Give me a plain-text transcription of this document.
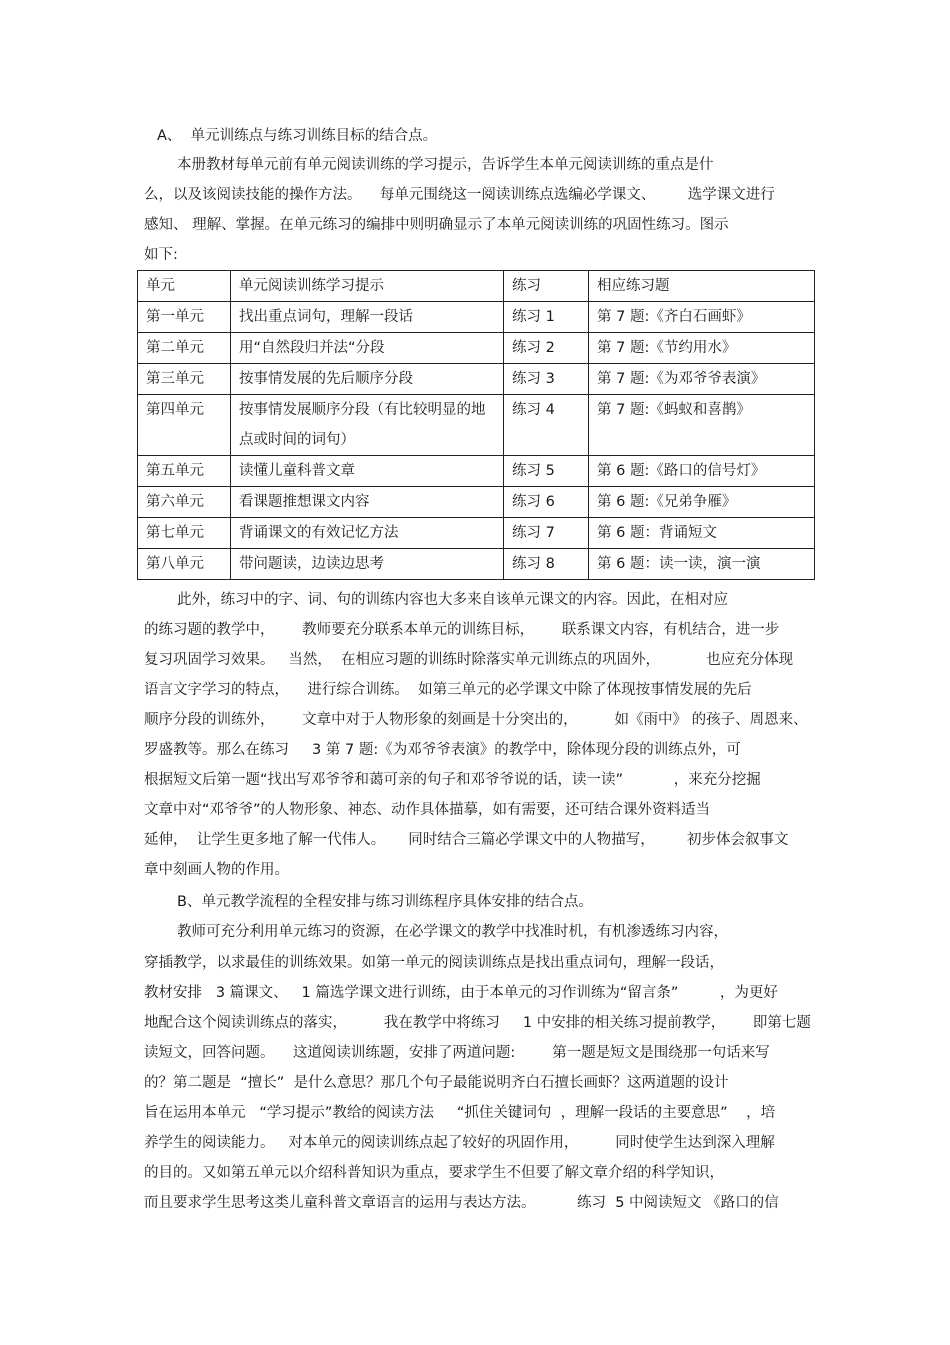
A、  单元训练点与练习训练目标的结合点。
本册教材每单元前有单元阅读训练的学习提示，告诉学生本单元阅读训练的重点是什
么，以及该阅读技能的操作方法。    每单元围绕这一阅读训练点选编必学课文、       选学课文进行
感知、 理解、掌握。在单元练习的编排中则明确显示了本单元阅读训练的巩固性练习。图示
如下:
单元	单元阅读训练学习提示	练习	相应练习题
第一单元	找出重点词句，理解一段话	练习 1	第 7 题:《齐白石画虾》
第二单元	用“自然段归并法“分段	练习 2	第 7 题:《节约用水》
第三单元	按事情发展的先后顺序分段	练习 3	第 7 题:《为邓爷爷表演》
第四单元	按事情发展顺序分段（有比较明显的地点或时间的词句）	练习 4	第 7 题:《蚂蚁和喜鹊》
第五单元	读懂儿童科普文章	练习 5	第 6 题:《路口的信号灯》
第六单元	看课题推想课文内容	练习 6	第 6 题:《兄弟争雁》
第七单元	背诵课文的有效记忆方法	练习 7	第 6 题：背诵短文
第八单元	带问题读，边读边思考	练习 8	第 6 题：读一读，演一演
此外，练习中的字、词、句的训练内容也大多来自该单元课文的内容。因此，在相对应
的练习题的教学中，      教师要充分联系本单元的训练目标，      联系课文内容，有机结合，进一步
复习巩固学习效果。   当然，  在相应习题的训练时除落实单元训练点的巩固外，          也应充分体现
语言文字学习的特点，    进行综合训练。  如第三单元的必学课文中除了体现按事情发展的先后
顺序分段的训练外，      文章中对于人物形象的刻画是十分突出的，        如《雨中》 的孩子、周恩来、
罗盛教等。那么在练习     3 第 7 题:《为邓爷爷表演》的教学中，除体现分段的训练点外，可
根据短文后第一题“找出写邓爷爷和蔼可亲的句子和邓爷爷说的话，读一读”           ，来充分挖掘
文章中对“邓爷爷”的人物形象、神态、动作具体描摹，如有需要，还可结合课外资料适当
延伸，  让学生更多地了解一代伟人。     同时结合三篇必学课文中的人物描写，       初步体会叙事文
章中刻画人物的作用。
B、单元教学流程的全程安排与练习训练程序具体安排的结合点。
教师可充分利用单元练习的资源，在必学课文的教学中找准时机，有机渗透练习内容，
穿插教学，以求最佳的训练效果。如第一单元的阅读训练点是找出重点词句，理解一段话，
教材安排   3 篇课文、   1 篇选学课文进行训练，由于本单元的习作训练为“留言条”         ，为更好
地配合这个阅读训练点的落实，        我在教学中将练习     1 中安排的相关练习提前教学，      即第七题
读短文，回答问题。    这道阅读训练题，安排了两道问题:        第一题是短文是围绕那一句话来写
的？第二题是  “擅长”  是什么意思？那几个句子最能说明齐白石擅长画虾？这两道题的设计
旨在运用本单元   “学习提示”教给的阅读方法     “抓住关键词句  ，理解一段话的主要意思”    ，培
养学生的阅读能力。   对本单元的阅读训练点起了较好的巩固作用，        同时使学生达到深入理解
的目的。又如第五单元以介绍科普知识为重点，要求学生不但要了解文章介绍的科学知识，
而且要求学生思考这类儿童科普文章语言的运用与表达方法。         练习  5 中阅读短文 《路口的信
